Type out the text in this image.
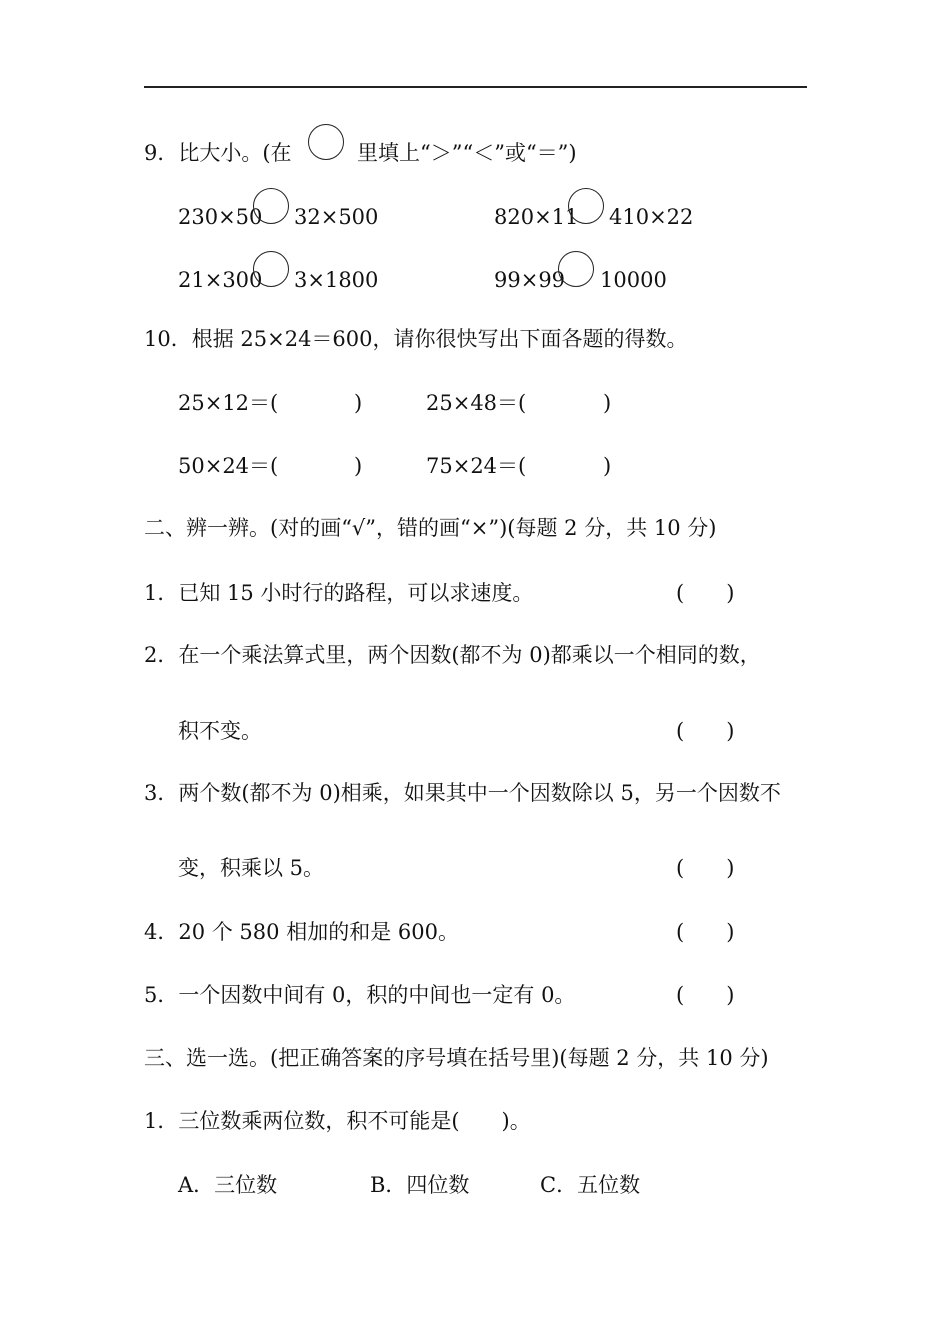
9．比大小。(在	里填上“＞”“＜”或“＝”)
230×50 32×500	820×11 410×22
21×300 3×1800	99×99 10000
10．根据 25×24＝600，请你很快写出下面各题的得数。
25×12＝(	)	25×48＝(	)
50×24＝(	)	75×24＝(	)
二、辨一辨。(对的画“√”，错的画“×”)(每题 2 分，共 10 分)
1．已知 15 小时行的路程，可以求速度。	(　　)
2．在一个乘法算式里，两个因数(都不为 0)都乘以一个相同的数，
积不变。	(　　)
3．两个数(都不为 0)相乘，如果其中一个因数除以 5，另一个因数不
变，积乘以 5。	(　　)
4．20 个 580 相加的和是 600。	(　　)
5．一个因数中间有 0，积的中间也一定有 0。	(　　)
三、选一选。(把正确答案的序号填在括号里)(每题 2 分，共 10 分)
1．三位数乘两位数，积不可能是(　　)。
A．三位数	B．四位数	C．五位数
